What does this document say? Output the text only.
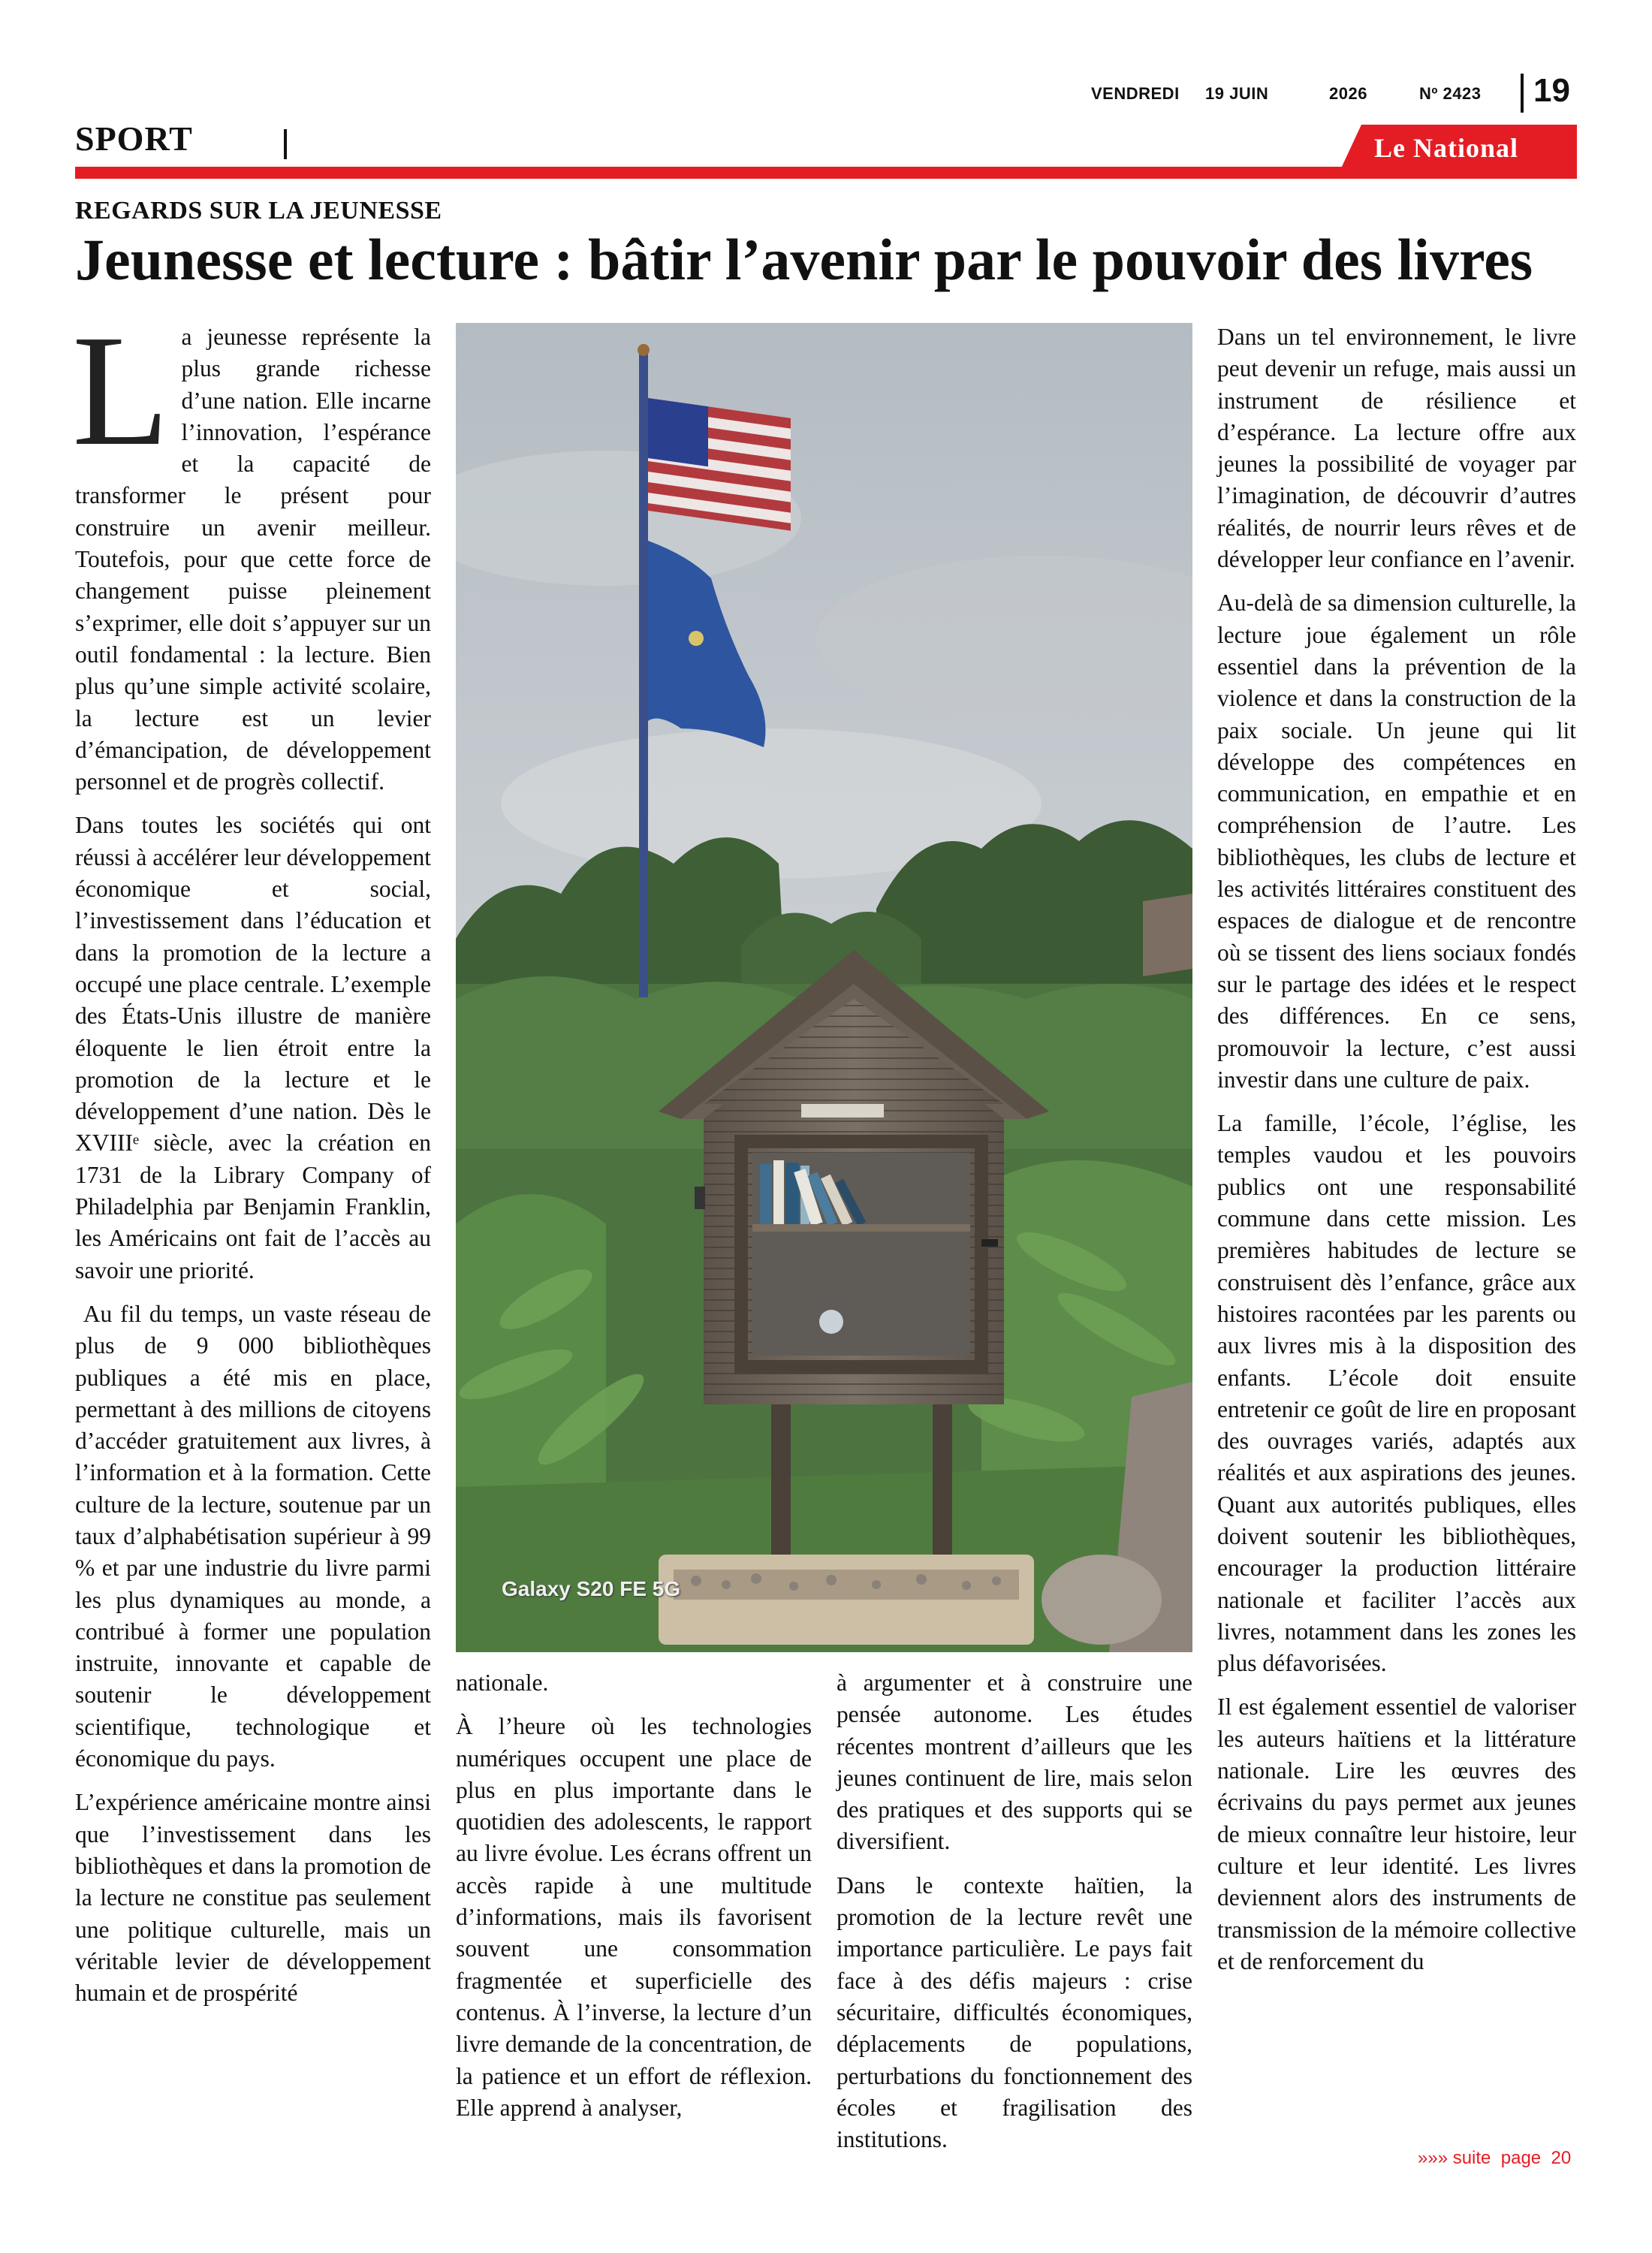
VENDREDI 19 JUIN	2026	Nº 2423 19
SPORT	Le National
REGARDS SUR LA JEUNESSE
Jeunesse et lecture : bâtir l’avenir par le pouvoir des livres

La jeunesse représente la plus grande richesse d’une nation. Elle incarne l’innovation, l’espérance et la capacité de transformer le présent pour construire un avenir meilleur. Toutefois, pour que cette force de changement puisse pleinement s’exprimer, elle doit s’appuyer sur un outil fondamental : la lecture. Bien plus qu’une simple activité scolaire, la lecture est un levier d’émancipation, de développement personnel et de progrès collectif.

Dans toutes les sociétés qui ont réussi à accélérer leur développement économique et social, l’investissement dans l’éducation et dans la promotion de la lecture a occupé une place centrale. L’exemple des États-Unis illustre de manière éloquente le lien étroit entre la promotion de la lecture et le développement d’une nation. Dès le XVIIIᵉ siècle, avec la création en 1731 de la Library Company of Philadelphia par Benjamin Franklin, les Américains ont fait de l’accès au savoir une priorité.

Au fil du temps, un vaste réseau de plus de 9 000 bibliothèques publiques a été mis en place, permettant à des millions de citoyens d’accéder gratuitement aux livres, à l’information et à la formation. Cette culture de la lecture, soutenue par un taux d’alphabétisation supérieur à 99 % et par une industrie du livre parmi les plus dynamiques au monde, a contribué à former une population instruite, innovante et capable de soutenir le développement scientifique, technologique et économique du pays.

L’expérience américaine montre ainsi que l’investissement dans les bibliothèques et dans la promotion de la lecture ne constitue pas seulement une politique culturelle, mais un véritable levier de développement humain et de prospérité

Galaxy S20 FE 5G

nationale.

À l’heure où les technologies numériques occupent une place de plus en plus importante dans le quotidien des adolescents, le rapport au livre évolue. Les écrans offrent un accès rapide à une multitude d’informations, mais ils favorisent souvent une consommation fragmentée et superficielle des contenus. À l’inverse, la lecture d’un livre demande de la concentration, de la patience et un effort de réflexion. Elle apprend à analyser,

à argumenter et à construire une pensée autonome. Les études récentes montrent d’ailleurs que les jeunes continuent de lire, mais selon des pratiques et des supports qui se diversifient.

Dans le contexte haïtien, la promotion de la lecture revêt une importance particulière. Le pays fait face à des défis majeurs : crise sécuritaire, difficultés économiques, déplacements de populations, perturbations du fonctionnement des écoles et fragilisation des institutions.

Dans un tel environnement, le livre peut devenir un refuge, mais aussi un instrument de résilience et d’espérance. La lecture offre aux jeunes la possibilité de voyager par l’imagination, de découvrir d’autres réalités, de nourrir leurs rêves et de développer leur confiance en l’avenir.

Au-delà de sa dimension culturelle, la lecture joue également un rôle essentiel dans la prévention de la violence et dans la construction de la paix sociale. Un jeune qui lit développe des compétences en communication, en empathie et en compréhension de l’autre. Les bibliothèques, les clubs de lecture et les activités littéraires constituent des espaces de dialogue et de rencontre où se tissent des liens sociaux fondés sur le partage des idées et le respect des différences. En ce sens, promouvoir la lecture, c’est aussi investir dans une culture de paix.

La famille, l’école, l’église, les temples vaudou et les pouvoirs publics ont une responsabilité commune dans cette mission. Les premières habitudes de lecture se construisent dès l’enfance, grâce aux histoires racontées par les parents ou aux livres mis à la disposition des enfants. L’école doit ensuite entretenir ce goût de lire en proposant des ouvrages variés, adaptés aux réalités et aux aspirations des jeunes. Quant aux autorités publiques, elles doivent soutenir les bibliothèques, encourager la production littéraire nationale et faciliter l’accès aux livres, notamment dans les zones les plus défavorisées.

Il est également essentiel de valoriser les auteurs haïtiens et la littérature nationale. Lire les œuvres des écrivains du pays permet aux jeunes de mieux connaître leur histoire, leur culture et leur identité. Les livres deviennent alors des instruments de transmission de la mémoire collective et de renforcement du

»»» suite  page  20
